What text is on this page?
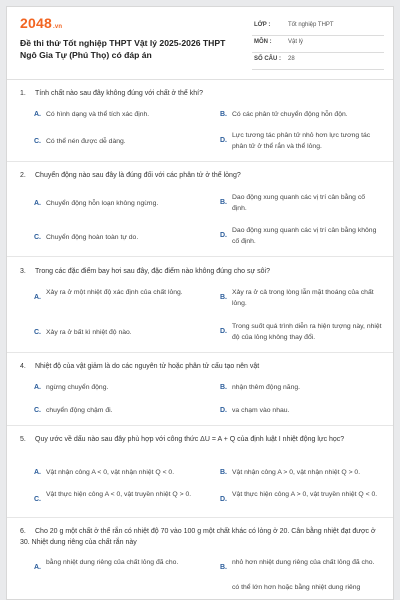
2048.vn
Đề thi thử Tốt nghiệp THPT Vật lý 2025-2026 THPT Ngô Gia Tự (Phú Thọ) có đáp án
LỚP :	Tốt nghiệp THPT
MÔN :	Vật lý
SỐ CÂU : 28
1. Tính chất nào sau đây không đúng với chất ở thể khí?
A. Có hình dạng và thể tích xác định.	B. Có các phân tử chuyển động hỗn độn.
C. Có thể nén được dễ dàng.	D.
Lực tương tác phân tử nhỏ hơn lực tương tác phân tử ở thể rắn và thể lỏng.
2. Chuyển động nào sau đây là đúng đối với các phân tử ở thể lỏng?
A. Chuyển động hỗn loạn không ngừng.	B.
Dao động xung quanh các vị trí cân bằng cố định.
C. Chuyển động hoàn toàn tự do.	D.
Dao động xung quanh các vị trí cân bằng không cố định.
3. Trong các đặc điểm bay hơi sau đây, đặc điểm nào không đúng cho sự sôi?
A.
Xảy ra ở một nhiệt độ xác định của chất lỏng.
B.
Xảy ra ở cả trong lòng lẫn mặt thoáng của chất lỏng.
C. Xảy ra ở bất kì nhiệt độ nào.	D.
Trong suốt quá trình diễn ra hiện tượng này, nhiệt độ của lỏng không thay đổi.
4. Nhiệt độ của vật giảm là do các nguyên tử hoặc phân tử cấu tạo nên vật
A. ngừng chuyển động.	B. nhận thêm động năng.
C. chuyển động chậm đi.	D. va chạm vào nhau.
5. Quy ước về dấu nào sau đây phù hợp với công thức ΔU = A + Q của định luật I nhiệt động lực học?
A. Vật nhận công A < 0, vật nhận nhiệt Q < 0.	B. Vật nhận công A > 0, vật nhận nhiệt Q > 0.
C.
Vật thực hiện công A < 0, vật truyền nhiệt Q > 0.
D.
Vật thực hiện công A > 0, vật truyền nhiệt Q < 0.
6. Cho 20 g một chất ở thể rắn có nhiệt độ 70 vào 100 g một chất khác có lỏng ở 20. Cân bằng nhiệt đạt được ở 30. Nhiệt dung riêng của chất rắn này
A.
bằng nhiệt dung riêng của chất lỏng đã cho.
B.
nhỏ hơn nhiệt dung riêng của chất lỏng đã cho.
có thể lớn hơn hoặc bằng nhiệt dung riêng
